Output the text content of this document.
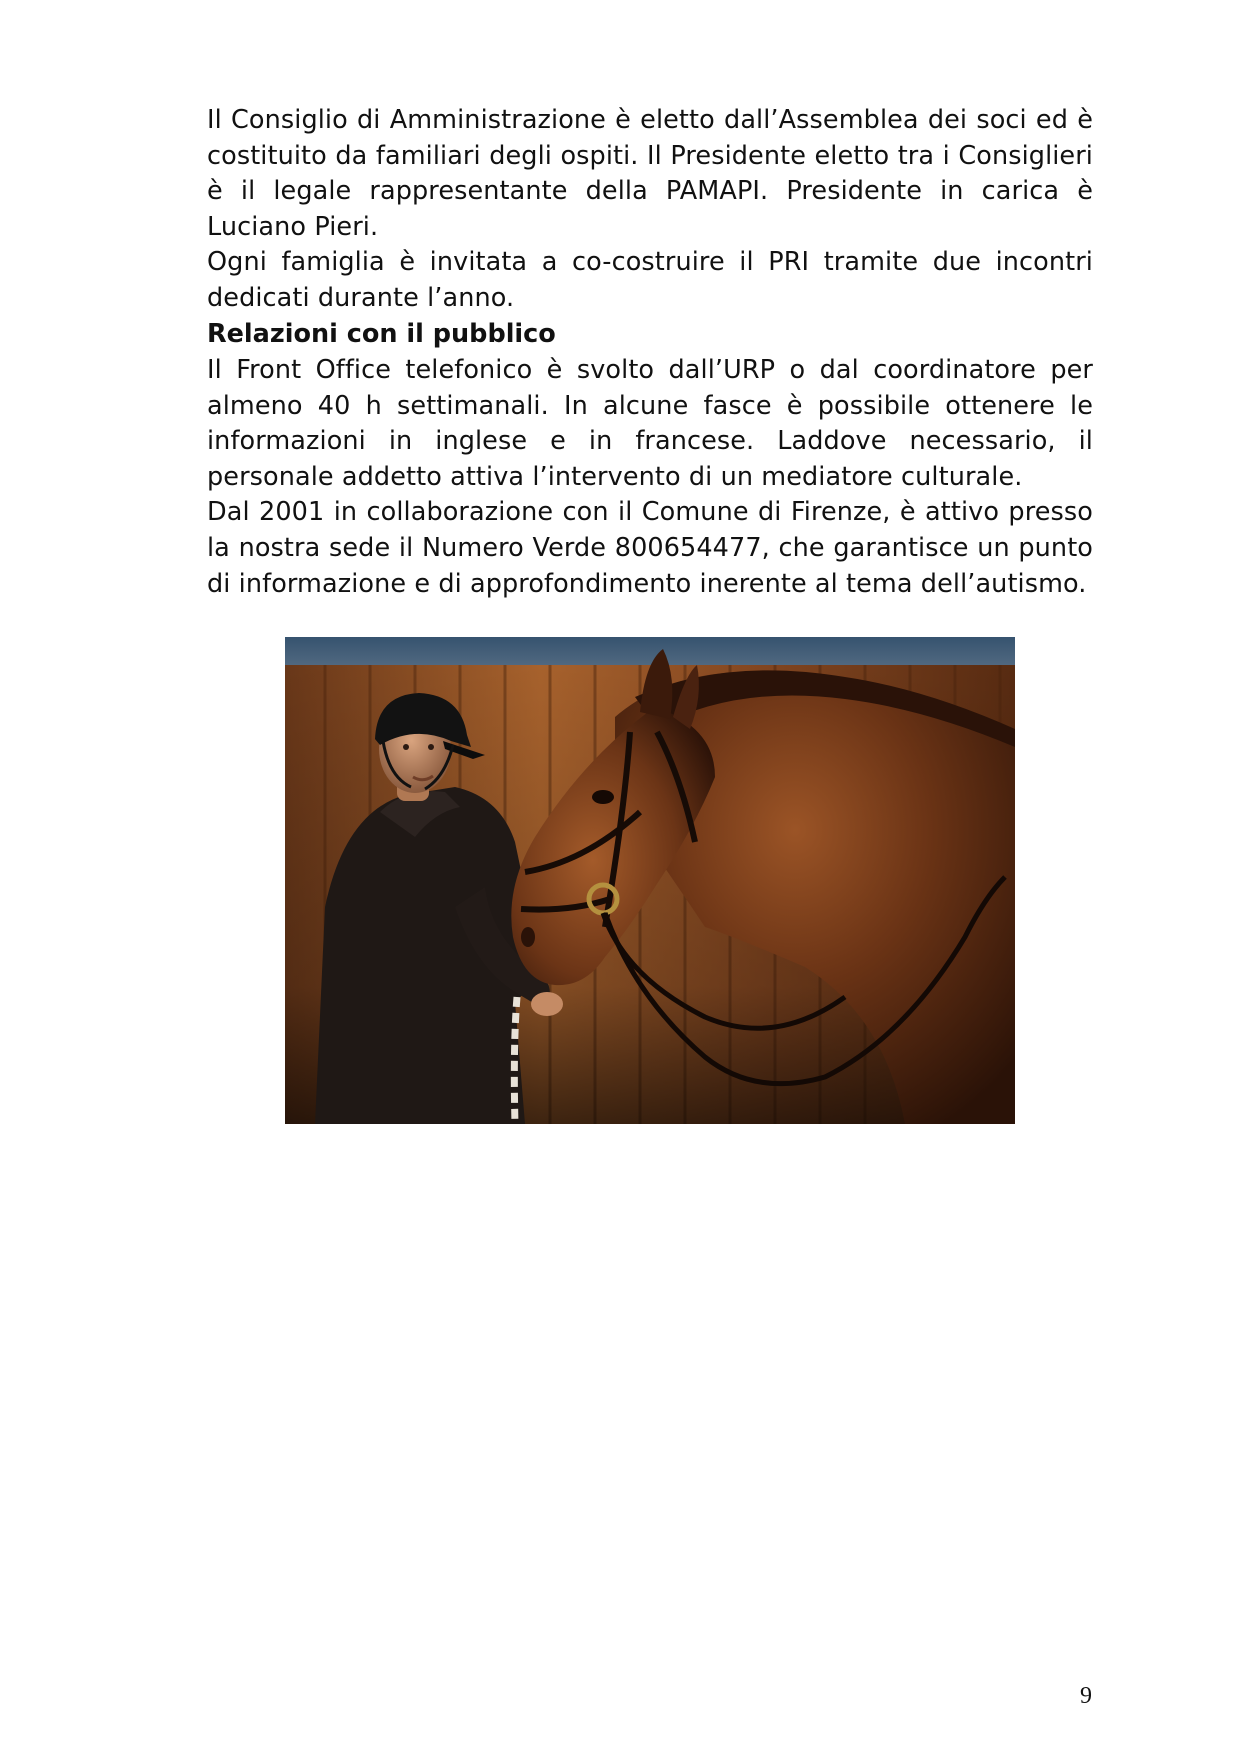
Il Consiglio di Amministrazione è eletto dall’Assemblea dei soci ed è costituito da familiari degli ospiti. Il Presidente eletto tra i Consiglieri è il legale rappresentante della PAMAPI. Presidente in carica è Luciano Pieri.

Ogni famiglia è invitata a co-costruire il PRI tramite due incontri dedicati durante l’anno.

Relazioni con il pubblico

Il Front Office telefonico è svolto dall’URP o dal coordinatore per almeno 40 h settimanali. In alcune fasce è possibile ottenere le informazioni in inglese e in francese. Laddove necessario, il personale addetto attiva l’intervento di un mediatore culturale.

Dal 2001 in collaborazione con il Comune di Firenze, è attivo presso la nostra sede il Numero Verde 800654477, che garantisce un punto di informazione e di approfondimento inerente al tema dell’autismo.

9
